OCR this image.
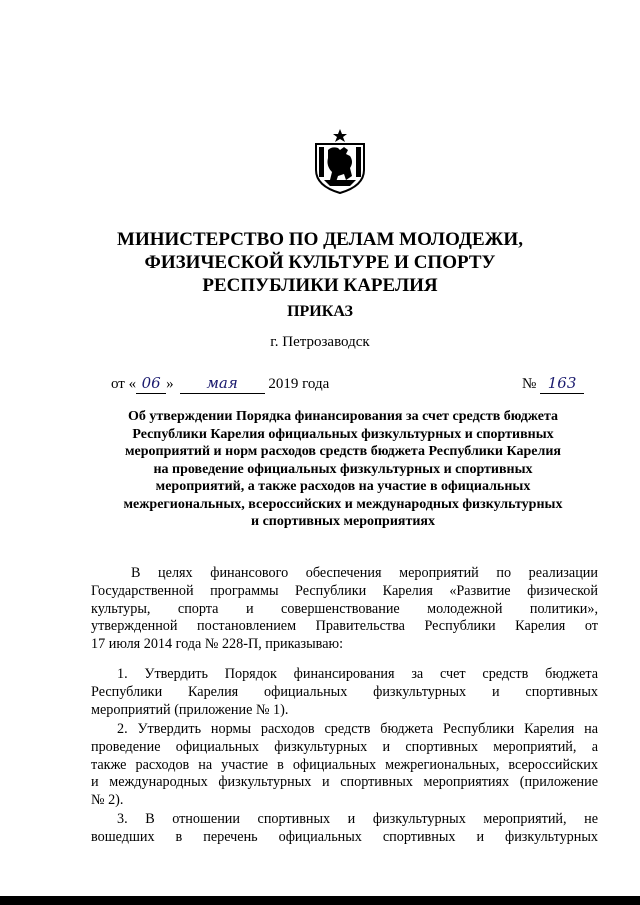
МИНИСТЕРСТВО ПО ДЕЛАМ МОЛОДЕЖИ,
ФИЗИЧЕСКОЙ КУЛЬТУРЕ И СПОРТУ
РЕСПУБЛИКИ КАРЕЛИЯ
ПРИКАЗ
г. Петрозаводск
от « 06 » мая 2019 года	№ 163
Об утверждении Порядка финансирования за счет средств бюджета
Республики Карелия официальных физкультурных и спортивных
мероприятий и норм расходов средств бюджета Республики Карелия
на проведение официальных физкультурных и спортивных
мероприятий, а также расходов на участие в официальных
межрегиональных, всероссийских и международных физкультурных
и спортивных мероприятиях
В целях финансового обеспечения мероприятий по реализации
Государственной программы Республики Карелия «Развитие физической
культуры, спорта и совершенствование молодежной политики»,
утвержденной постановлением Правительства Республики Карелия от
17 июля 2014 года № 228-П, приказываю:
1. Утвердить Порядок финансирования за счет средств бюджета
Республики Карелия официальных физкультурных и спортивных
мероприятий (приложение № 1).
2. Утвердить нормы расходов средств бюджета Республики Карелия на
проведение официальных физкультурных и спортивных мероприятий, а
также расходов на участие в официальных межрегиональных, всероссийских
и международных физкультурных и спортивных мероприятиях (приложение
№ 2).
3. В отношении спортивных и физкультурных мероприятий, не
вошедших в перечень официальных спортивных и физкультурных
